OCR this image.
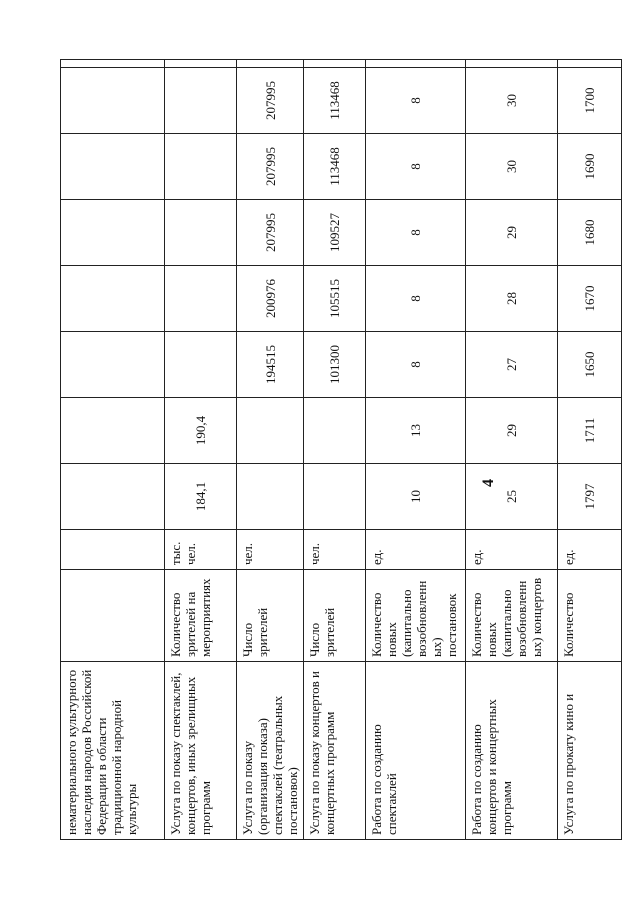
4
нематериального культурного наследия народов Российской Федерации в области традиционной народной культуры											
Услуга по показу спектаклей, концертов, иных зрелищных программ	Количество зрителей на мероприятиях	тыс. чел.	184,1	190,4							
Услуга по показу (организация показа) спектаклей (театральных постановок)	Число зрителей	чел.			194515	200976	207995	207995	207995		
Услуга по показу концертов и концертных программ	Число зрителей	чел.			101300	105515	109527	113468	113468		
Работа по созданию спектаклей	Количество новых (капитально возобновленн ых) постановок	ед.	10	13	8	8	8	8	8		
Работа по созданию концертов и концертных программ	Количество новых (капитально возобновленн ых) концертов	ед.	25	29	27	28	29	30	30		
Услуга по прокату кино и	Количество	ед.	1797	1711	1650	1670	1680	1690	1700		
